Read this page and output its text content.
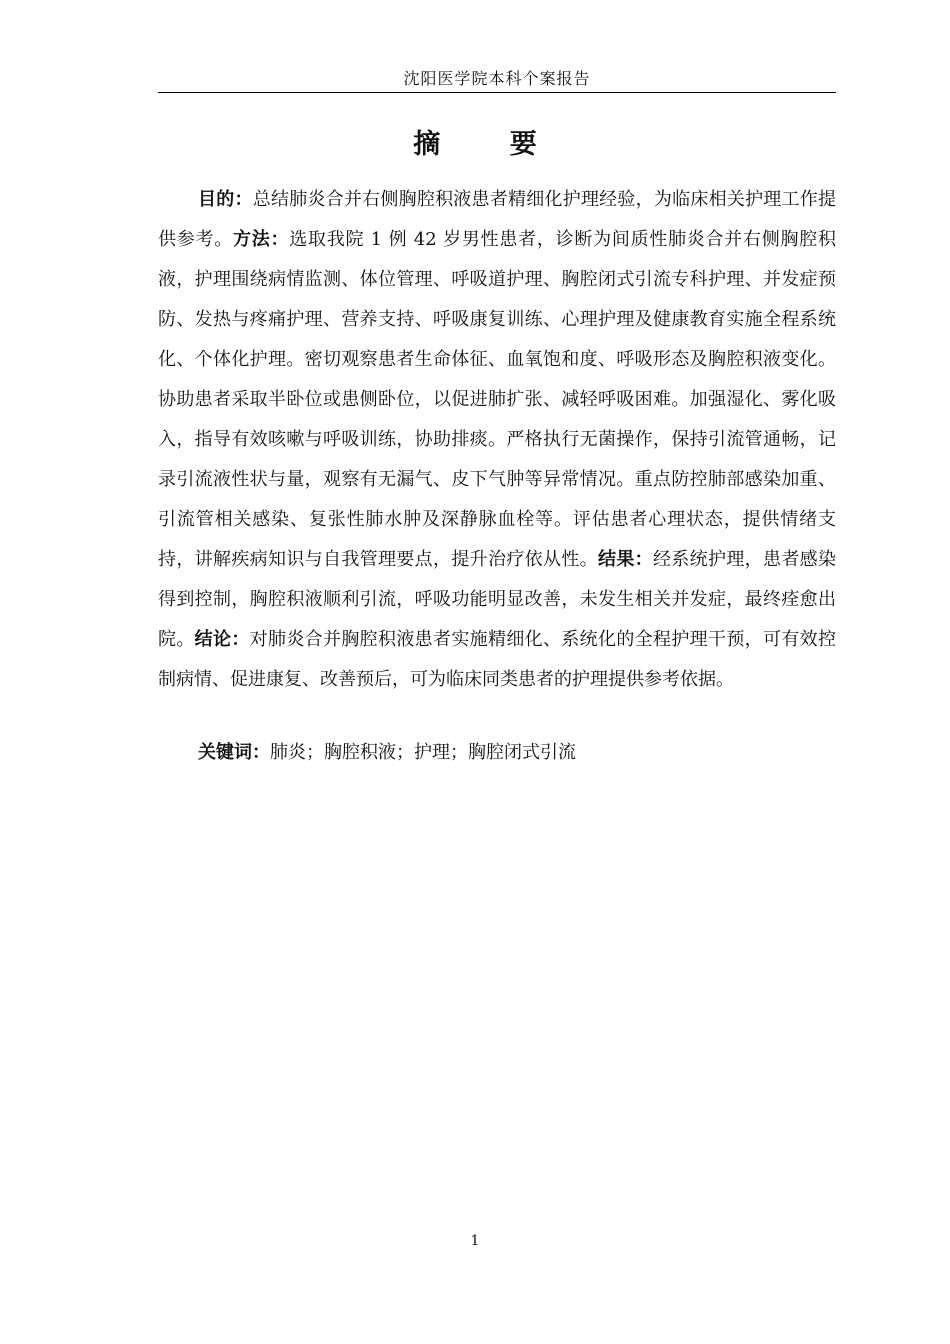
沈阳医学院本科个案报告
摘 要

目的：总结肺炎合并右侧胸腔积液患者精细化护理经验，为临床相关护理工作提供参考。方法：选取我院 1 例 42 岁男性患者，诊断为间质性肺炎合并右侧胸腔积液，护理围绕病情监测、体位管理、呼吸道护理、胸腔闭式引流专科护理、并发症预防、发热与疼痛护理、营养支持、呼吸康复训练、心理护理及健康教育实施全程系统化、个体化护理。密切观察患者生命体征、血氧饱和度、呼吸形态及胸腔积液变化。协助患者采取半卧位或患侧卧位，以促进肺扩张、减轻呼吸困难。加强湿化、雾化吸入，指导有效咳嗽与呼吸训练，协助排痰。严格执行无菌操作，保持引流管通畅，记录引流液性状与量，观察有无漏气、皮下气肿等异常情况。重点防控肺部感染加重、引流管相关感染、复张性肺水肿及深静脉血栓等。评估患者心理状态，提供情绪支持，讲解疾病知识与自我管理要点，提升治疗依从性。结果：经系统护理，患者感染得到控制，胸腔积液顺利引流，呼吸功能明显改善，未发生相关并发症，最终痊愈出院。结论：对肺炎合并胸腔积液患者实施精细化、系统化的全程护理干预，可有效控制病情、促进康复、改善预后，可为临床同类患者的护理提供参考依据。

关键词：肺炎；胸腔积液；护理；胸腔闭式引流

1
